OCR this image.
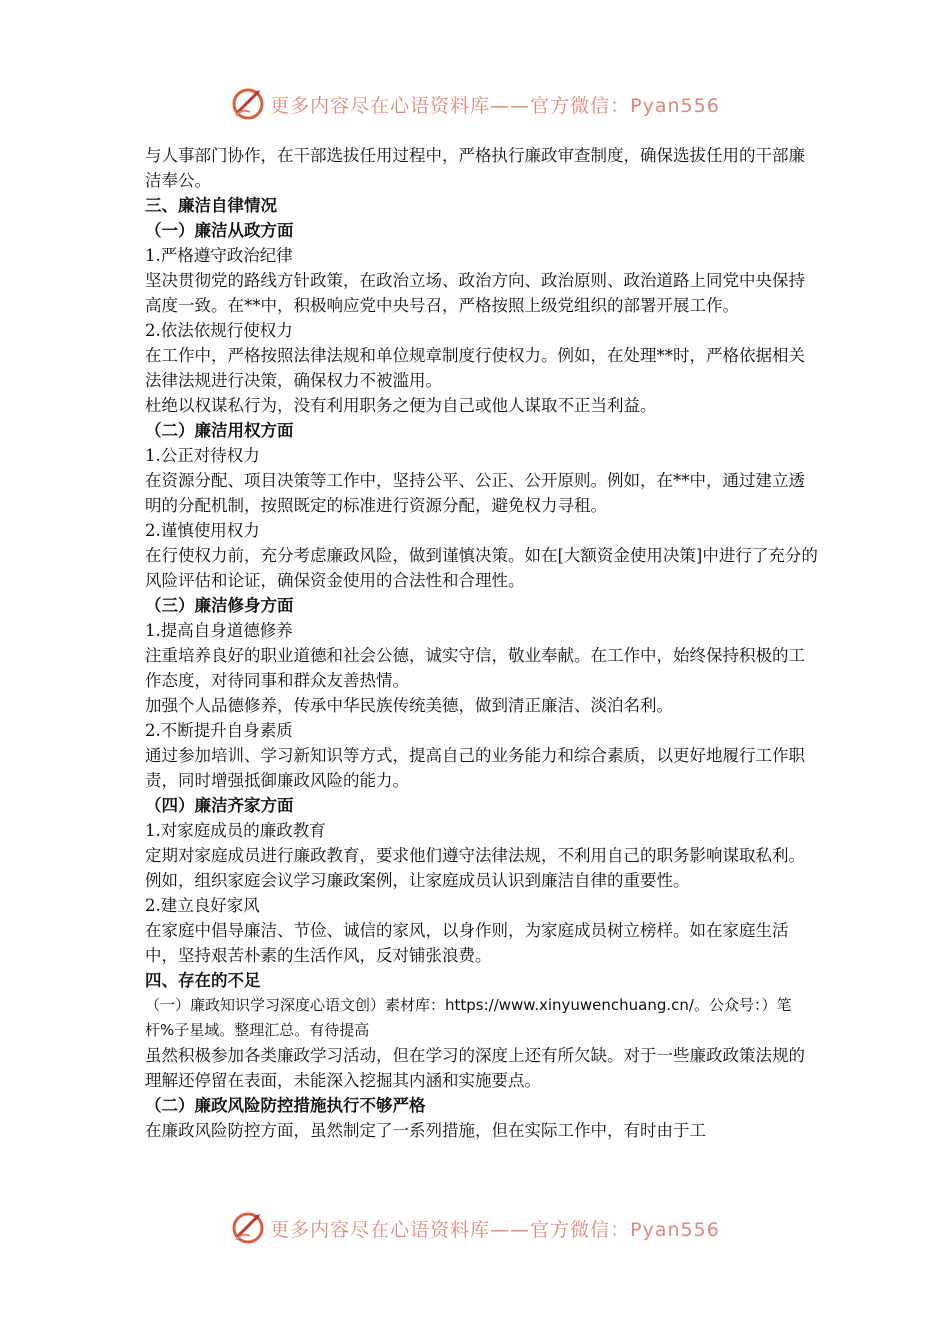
更多内容尽在心语资料库——官方微信：Pyan556

与人事部门协作，在干部选拔任用过程中，严格执行廉政审查制度，确保选拔任用的干部廉洁奉公。

三、廉洁自律情况

（一）廉洁从政方面

1.严格遵守政治纪律

坚决贯彻党的路线方针政策，在政治立场、政治方向、政治原则、政治道路上同党中央保持高度一致。在**中，积极响应党中央号召，严格按照上级党组织的部署开展工作。

2.依法依规行使权力

在工作中，严格按照法律法规和单位规章制度行使权力。例如，在处理**时，严格依据相关法律法规进行决策，确保权力不被滥用。

杜绝以权谋私行为，没有利用职务之便为自己或他人谋取不正当利益。

（二）廉洁用权方面

1.公正对待权力

在资源分配、项目决策等工作中，坚持公平、公正、公开原则。例如，在**中，通过建立透明的分配机制，按照既定的标准进行资源分配，避免权力寻租。

2.谨慎使用权力

在行使权力前，充分考虑廉政风险，做到谨慎决策。如在[大额资金使用决策]中进行了充分的风险评估和论证，确保资金使用的合法性和合理性。

（三）廉洁修身方面

1.提高自身道德修养

注重培养良好的职业道德和社会公德，诚实守信，敬业奉献。在工作中，始终保持积极的工作态度，对待同事和群众友善热情。

加强个人品德修养，传承中华民族传统美德，做到清正廉洁、淡泊名利。

2.不断提升自身素质

通过参加培训、学习新知识等方式，提高自己的业务能力和综合素质，以更好地履行工作职责，同时增强抵御廉政风险的能力。

（四）廉洁齐家方面

1.对家庭成员的廉政教育

定期对家庭成员进行廉政教育，要求他们遵守法律法规，不利用自己的职务影响谋取私利。例如，组织家庭会议学习廉政案例，让家庭成员认识到廉洁自律的重要性。

2.建立良好家风

在家庭中倡导廉洁、节俭、诚信的家风，以身作则，为家庭成员树立榜样。如在家庭生活中，坚持艰苦朴素的生活作风，反对铺张浪费。

四、存在的不足

（一）廉政知识学习深度心语文创）素材库：https://www.xinyuwenchuang.cn/。公众号：）笔杆%子星域。整理汇总。有待提高

虽然积极参加各类廉政学习活动，但在学习的深度上还有所欠缺。对于一些廉政政策法规的理解还停留在表面，未能深入挖掘其内涵和实施要点。

（二）廉政风险防控措施执行不够严格

在廉政风险防控方面，虽然制定了一系列措施，但在实际工作中，有时由于工

更多内容尽在心语资料库——官方微信：Pyan556
